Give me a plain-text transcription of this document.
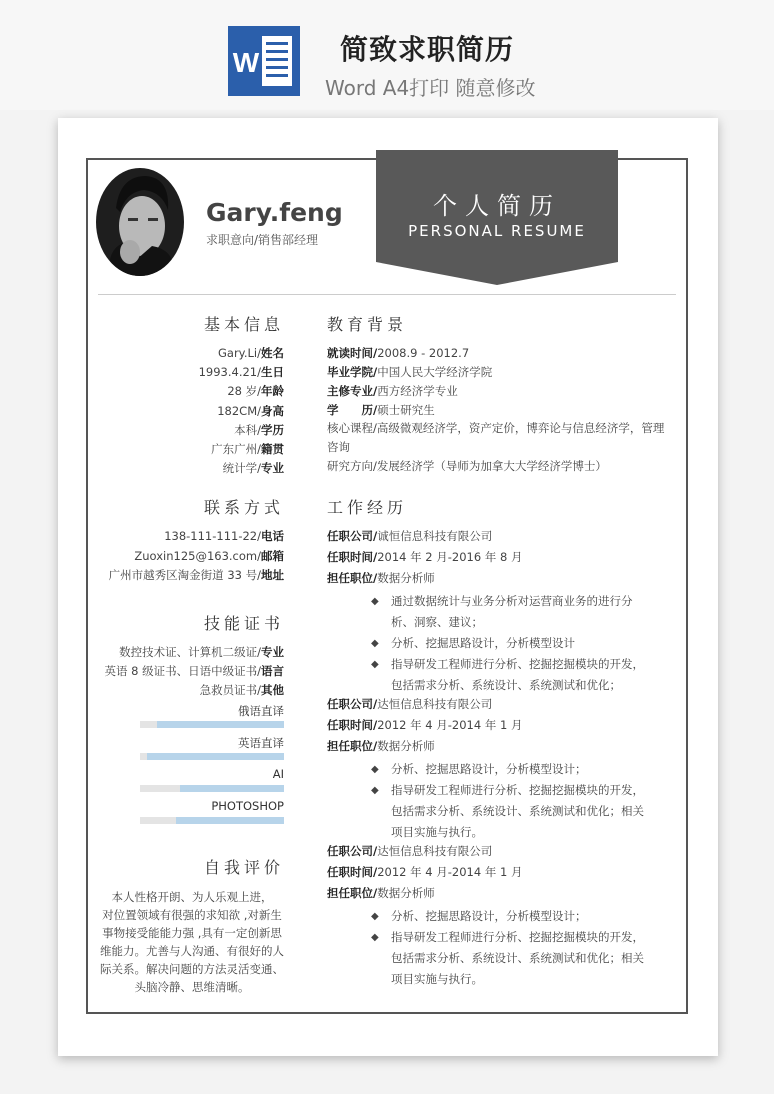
W	简致求职简历
Word A4打印 随意修改
个人简历
PERSONAL RESUME
Gary.feng
求职意向/销售部经理
基本信息
Gary.Li/姓名
1993.4.21/生日
28 岁/年龄
182CM/身高
本科/学历
广东广州/籍贯
统计学/专业
联系方式
138-111-111-22/电话
Zuoxin125@163.com/邮箱
广州市越秀区淘金街道 33 号/地址
技能证书
数控技术证、计算机二级证/专业
英语 8 级证书、日语中级证书/语言
急救员证书/其他
俄语直译
英语直译
AI
PHOTOSHOP
自我评价
本人性格开朗、为人乐观上进，
对位置领域有很强的求知欲 ,对新生
事物接受能能力强 ,具有一定创新思
维能力。尤善与人沟通、有很好的人
际关系。解决问题的方法灵活变通、
头脑冷静、思维清晰。
教育背景
就读时间/2008.9 - 2012.7
毕业学院/中国人民大学经济学院
主修专业/西方经济学专业
学　　历/硕士研究生
核心课程/高级微观经济学，资产定价，博弈论与信息经济学，管理
咨询
研究方向/发展经济学（导师为加拿大大学经济学博士）
工作经历
任职公司/诚恒信息科技有限公司
任职时间/2014 年 2 月-2016 年 8 月
担任职位/数据分析师
◆ 通过数据统计与业务分析对运营商业务的进行分
析、洞察、建议；
◆ 分析、挖掘思路设计，分析模型设计
◆ 指导研发工程师进行分析、挖掘挖掘模块的开发，
包括需求分析、系统设计、系统测试和优化；
任职公司/达恒信息科技有限公司
任职时间/2012 年 4 月-2014 年 1 月
担任职位/数据分析师
◆ 分析、挖掘思路设计，分析模型设计；
◆ 指导研发工程师进行分析、挖掘挖掘模块的开发，
包括需求分析、系统设计、系统测试和优化；相关
项目实施与执行。
任职公司/达恒信息科技有限公司
任职时间/2012 年 4 月-2014 年 1 月
担任职位/数据分析师
◆ 分析、挖掘思路设计，分析模型设计；
◆ 指导研发工程师进行分析、挖掘挖掘模块的开发，
包括需求分析、系统设计、系统测试和优化；相关
项目实施与执行。
